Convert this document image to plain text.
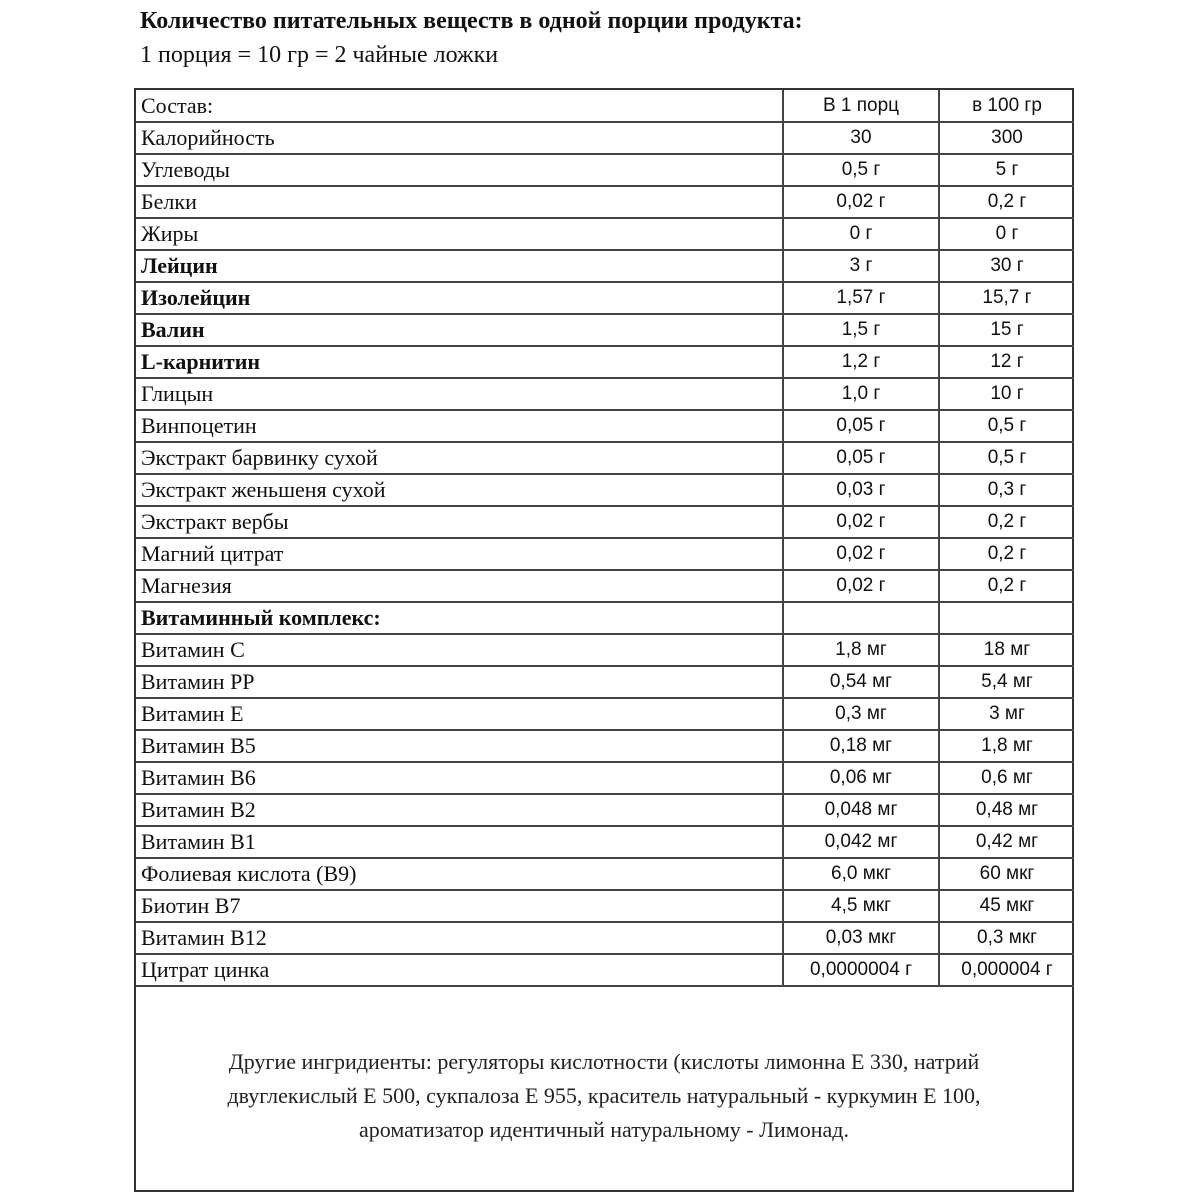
Количество питательных веществ в одной порции продукта:
1 порция = 10 гр = 2 чайные ложки
Состав:	В 1 порц	в 100 гр
Калорийность	30	300
Углеводы	0,5 г	5 г
Белки	0,02 г	0,2 г
Жиры	0 г	0 г
Лейцин	3 г	30 г
Изолейцин	1,57 г	15,7 г
Валин	1,5 г	15 г
L-карнитин	1,2 г	12 г
Глицын	1,0 г	10 г
Винпоцетин	0,05 г	0,5 г
Экстракт барвинку сухой	0,05 г	0,5 г
Экстракт женьшеня сухой	0,03 г	0,3 г
Экстракт вербы	0,02 г	0,2 г
Магний цитрат	0,02 г	0,2 г
Магнезия	0,02 г	0,2 г
Витаминный комплекс:		
Витамин C	1,8 мг	18 мг
Витамин PP	0,54 мг	5,4 мг
Витамин E	0,3 мг	3 мг
Витамин B5	0,18 мг	1,8 мг
Витамин B6	0,06 мг	0,6 мг
Витамин B2	0,048 мг	0,48 мг
Витамин B1	0,042 мг	0,42 мг
Фолиевая кислота (B9)	6,0 мкг	60 мкг
Биотин B7	4,5 мкг	45 мкг
Витамин B12	0,03 мкг	0,3 мкг
Цитрат цинка	0,0000004 г	0,000004 г
Другие ингридиенты: регуляторы кислотности (кислоты лимонна Е 330, натрий
двуглекислый Е 500, сукпалоза Е 955, краситель натуральный - куркумин Е 100,
ароматизатор идентичный натуральному - Лимонад.
